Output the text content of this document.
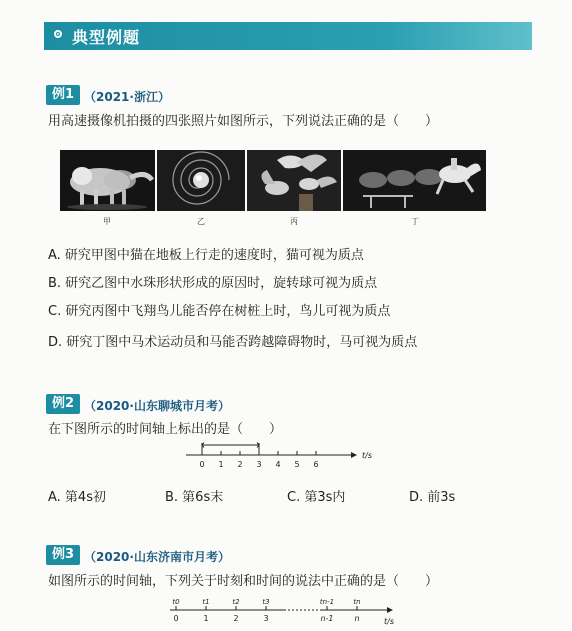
典型例题
例1 （2021·浙江）
用高速摄像机拍摄的四张照片如图所示，下列说法正确的是（　　）
甲	乙	丙	丁
A. 研究甲图中猫在地板上行走的速度时，猫可视为质点
B. 研究乙图中水珠形状形成的原因时，旋转球可视为质点
C. 研究丙图中飞翔鸟儿能否停在树桩上时，鸟儿可视为质点
D. 研究丁图中马术运动员和马能否跨越障碍物时，马可视为质点
例2 （2020·山东聊城市月考）
在下图所示的时间轴上标出的是（　　）
0 1 2 3 4 5 6
t/s
A. 第4s初	B. 第6s末	C. 第3s内	D. 前3s
例3 （2020·山东济南市月考）
如图所示的时间轴，下列关于时刻和时间的说法中正确的是（　　）
t0	t1	t2	t3	tn-1	tn
0	1	2	3	n-1	n	t/s
